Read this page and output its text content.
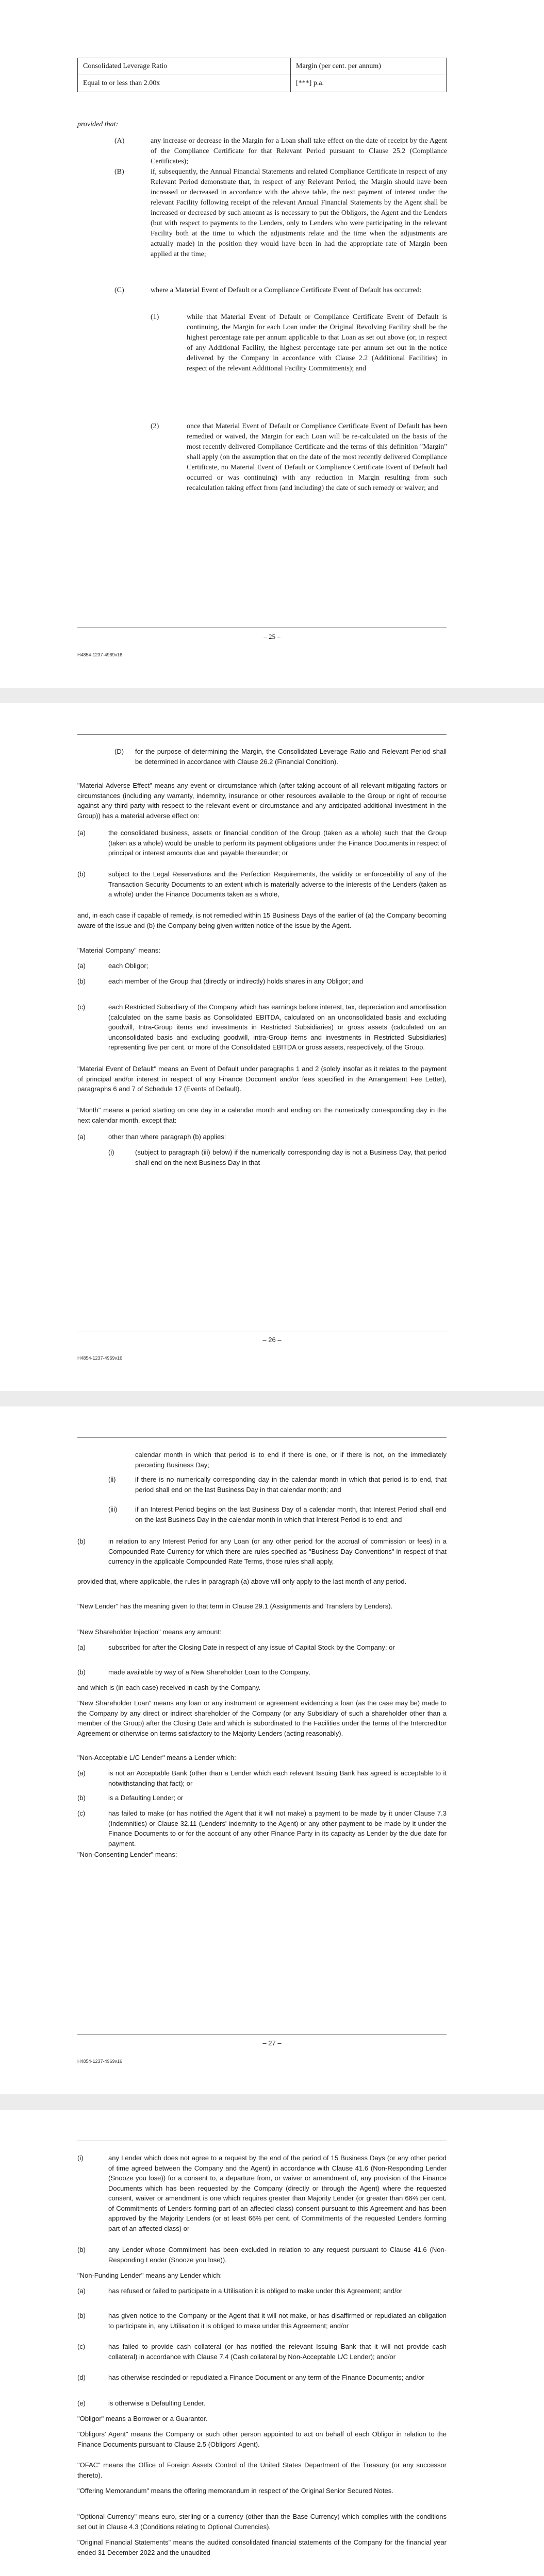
Consolidated Leverage Ratio	Margin (per cent. per annum)
Equal to or less than 2.00x	[***] p.a.
provided that:
(A)	any increase or decrease in the Margin for a Loan shall take effect on the date of receipt by the Agent of the Compliance Certificate for that Relevant Period pursuant to Clause 25.2 (Compliance Certificates);
(B)	if, subsequently, the Annual Financial Statements and related Compliance Certificate in respect of any Relevant Period demonstrate that, in respect of any Relevant Period, the Margin should have been increased or decreased in accordance with the above table, the next payment of interest under the relevant Facility following receipt of the relevant Annual Financial Statements by the Agent shall be increased or decreased by such amount as is necessary to put the Obligors, the Agent and the Lenders (but with respect to payments to the Lenders, only to Lenders who were participating in the relevant Facility both at the time to which the adjustments relate and the time when the adjustments are actually made) in the position they would have been in had the appropriate rate of Margin been applied at the time;
(C)	where a Material Event of Default or a Compliance Certificate Event of Default has occurred:
(1)	while that Material Event of Default or Compliance Certificate Event of Default is continuing, the Margin for each Loan under the Original Revolving Facility shall be the highest percentage rate per annum applicable to that Loan as set out above (or, in respect of any Additional Facility, the highest percentage rate per annum set out in the notice delivered by the Company in accordance with Clause 2.2 (Additional Facilities) in respect of the relevant Additional Facility Commitments); and
(2)	once that Material Event of Default or Compliance Certificate Event of Default has been remedied or waived, the Margin for each Loan will be re-calculated on the basis of the most recently delivered Compliance Certificate and the terms of this definition "Margin" shall apply (on the assumption that on the date of the most recently delivered Compliance Certificate, no Material Event of Default or Compliance Certificate Event of Default had occurred or was continuing) with any reduction in Margin resulting from such recalculation taking effect from (and including) the date of such remedy or waiver; and
– 25 –
H4854-1237-4969v16
(D) for the purpose of determining the Margin, the Consolidated Leverage Ratio and Relevant Period shall be determined in accordance with Clause 26.2 (Financial Condition).
"Material Adverse Effect" means any event or circumstance which (after taking account of all relevant mitigating factors or circumstances (including any warranty, indemnity, insurance or other resources available to the Group or right of recourse against any third party with respect to the relevant event or circumstance and any anticipated additional investment in the Group)) has a material adverse effect on:
(a)	the consolidated business, assets or financial condition of the Group (taken as a whole) such that the Group (taken as a whole) would be unable to perform its payment obligations under the Finance Documents in respect of principal or interest amounts due and payable thereunder; or
(b)	subject to the Legal Reservations and the Perfection Requirements, the validity or enforceability of any of the Transaction Security Documents to an extent which is materially adverse to the interests of the Lenders (taken as a whole) under the Finance Documents taken as a whole,
and, in each case if capable of remedy, is not remedied within 15 Business Days of the earlier of (a) the Company becoming aware of the issue and (b) the Company being given written notice of the issue by the Agent.
"Material Company" means:
(a)	each Obligor;
(b)	each member of the Group that (directly or indirectly) holds shares in any Obligor; and
(c)	each Restricted Subsidiary of the Company which has earnings before interest, tax, depreciation and amortisation (calculated on the same basis as Consolidated EBITDA, calculated on an unconsolidated basis and excluding goodwill, Intra-Group items and investments in Restricted Subsidiaries) or gross assets (calculated on an unconsolidated basis and excluding goodwill, intra-Group items and investments in Restricted Subsidiaries) representing five per cent. or more of the Consolidated EBITDA or gross assets, respectively, of the Group.
"Material Event of Default" means an Event of Default under paragraphs 1 and 2 (solely insofar as it relates to the payment of principal and/or interest in respect of any Finance Document and/or fees specified in the Arrangement Fee Letter), paragraphs 6 and 7 of Schedule 17 (Events of Default).
"Month" means a period starting on one day in a calendar month and ending on the numerically corresponding day in the next calendar month, except that:
(a)	other than where paragraph (b) applies:
(i)	(subject to paragraph (iii) below) if the numerically corresponding day is not a Business Day, that period shall end on the next Business Day in that
– 26 –
H4854-1237-4969v16
calendar month in which that period is to end if there is one, or if there is not, on the immediately preceding Business Day;
(ii)	if there is no numerically corresponding day in the calendar month in which that period is to end, that period shall end on the last Business Day in that calendar month; and
(iii)	if an Interest Period begins on the last Business Day of a calendar month, that Interest Period shall end on the last Business Day in the calendar month in which that Interest Period is to end; and
(b)	in relation to any Interest Period for any Loan (or any other period for the accrual of commission or fees) in a Compounded Rate Currency for which there are rules specified as "Business Day Conventions" in respect of that currency in the applicable Compounded Rate Terms, those rules shall apply,
provided that, where applicable, the rules in paragraph (a) above will only apply to the last month of any period.
"New Lender" has the meaning given to that term in Clause 29.1 (Assignments and Transfers by Lenders).
"New Shareholder Injection" means any amount:
(a)	subscribed for after the Closing Date in respect of any issue of Capital Stock by the Company; or
(b)	made available by way of a New Shareholder Loan to the Company,
and which is (in each case) received in cash by the Company.
"New Shareholder Loan" means any loan or any instrument or agreement evidencing a loan (as the case may be) made to the Company by any direct or indirect shareholder of the Company (or any Subsidiary of such a shareholder other than a member of the Group) after the Closing Date and which is subordinated to the Facilities under the terms of the Intercreditor Agreement or otherwise on terms satisfactory to the Majority Lenders (acting reasonably).
"Non-Acceptable L/C Lender" means a Lender which:
(a)	is not an Acceptable Bank (other than a Lender which each relevant Issuing Bank has agreed is acceptable to it notwithstanding that fact); or
(b)	is a Defaulting Lender; or
(c)	has failed to make (or has notified the Agent that it will not make) a payment to be made by it under Clause 7.3 (Indemnities) or Clause 32.11 (Lenders' indemnity to the Agent) or any other payment to be made by it under the Finance Documents to or for the account of any other Finance Party in its capacity as Lender by the due date for payment.
"Non-Consenting Lender" means:
– 27 –
H4854-1237-4969v16
(i)	any Lender which does not agree to a request by the end of the period of 15 Business Days (or any other period of time agreed between the Company and the Agent) in accordance with Clause 41.6 (Non-Responding Lender (Snooze you lose)) for a consent to, a departure from, or waiver or amendment of, any provision of the Finance Documents which has been requested by the Company (directly or through the Agent) where the requested consent, waiver or amendment is one which requires greater than Majority Lender (or greater than 66⅔ per cent. of Commitments of Lenders forming part of an affected class) consent pursuant to this Agreement and has been approved by the Majority Lenders (or at least 66⅔ per cent. of Commitments of the requested Lenders forming part of an affected class) or
(b)	any Lender whose Commitment has been excluded in relation to any request pursuant to Clause 41.6 (Non-Responding Lender (Snooze you lose)).
"Non-Funding Lender" means any Lender which:
(a)	has refused or failed to participate in a Utilisation it is obliged to make under this Agreement; and/or
(b)	has given notice to the Company or the Agent that it will not make, or has disaffirmed or repudiated an obligation to participate in, any Utilisation it is obliged to make under this Agreement; and/or
(c)	has failed to provide cash collateral (or has notified the relevant Issuing Bank that it will not provide cash collateral) in accordance with Clause 7.4 (Cash collateral by Non-Acceptable L/C Lender); and/or
(d)	has otherwise rescinded or repudiated a Finance Document or any term of the Finance Documents; and/or
(e)	is otherwise a Defaulting Lender.
"Obligor" means a Borrower or a Guarantor.
"Obligors' Agent" means the Company or such other person appointed to act on behalf of each Obligor in relation to the Finance Documents pursuant to Clause 2.5 (Obligors' Agent).
"OFAC" means the Office of Foreign Assets Control of the United States Department of the Treasury (or any successor thereto).
"Offering Memorandum" means the offering memorandum in respect of the Original Senior Secured Notes.
"Optional Currency" means euro, sterling or a currency (other than the Base Currency) which complies with the conditions set out in Clause 4.3 (Conditions relating to Optional Currencies).
"Original Financial Statements" means the audited consolidated financial statements of the Company for the financial year ended 31 December 2022 and the unaudited
